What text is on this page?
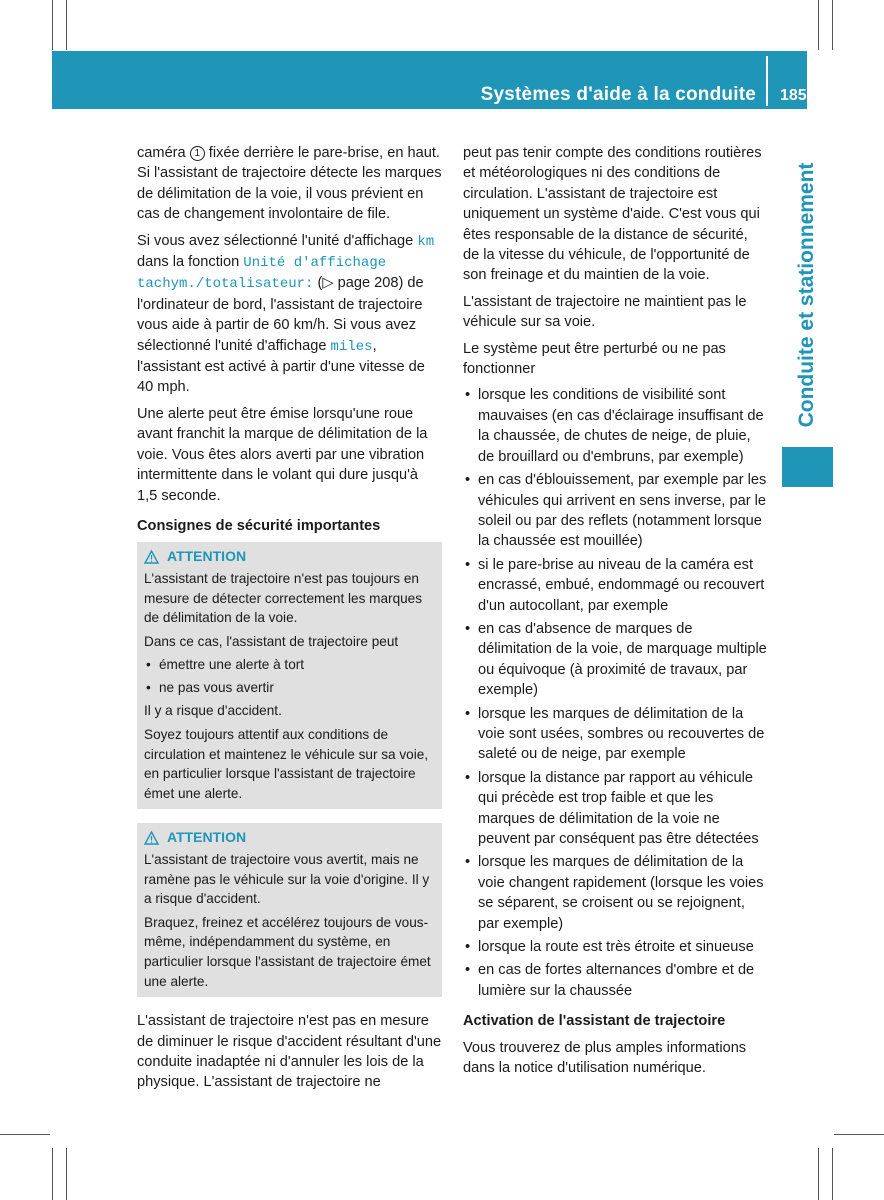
Systèmes d'aide à la conduite 185
Conduite et stationnement

caméra 1 fixée derrière le pare-brise, en haut. Si l'assistant de trajectoire détecte les marques de délimitation de la voie, il vous prévient en cas de changement involontaire de file.

Si vous avez sélectionné l'unité d'affichage km dans la fonction Unité d'affichage tachym./totalisateur: (▷ page 208) de l'ordinateur de bord, l'assistant de trajectoire vous aide à partir de 60 km/h. Si vous avez sélectionné l'unité d'affichage miles, l'assistant est activé à partir d'une vitesse de 40 mph.

Une alerte peut être émise lorsqu'une roue avant franchit la marque de délimitation de la voie. Vous êtes alors averti par une vibration intermittente dans le volant qui dure jusqu'à 1,5 seconde.

Consignes de sécurité importantes
ATTENTION

L'assistant de trajectoire n'est pas toujours en mesure de détecter correctement les marques de délimitation de la voie.

Dans ce cas, l'assistant de trajectoire peut

• émettre une alerte à tort
• ne pas vous avertir

Il y a risque d'accident.

Soyez toujours attentif aux conditions de circulation et maintenez le véhicule sur sa voie, en particulier lorsque l'assistant de trajectoire émet une alerte.

ATTENTION

L'assistant de trajectoire vous avertit, mais ne ramène pas le véhicule sur la voie d'origine. Il y a risque d'accident.

Braquez, freinez et accélérez toujours de vous-même, indépendamment du système, en particulier lorsque l'assistant de trajectoire émet une alerte.

L'assistant de trajectoire n'est pas en mesure de diminuer le risque d'accident résultant d'une conduite inadaptée ni d'annuler les lois de la physique. L'assistant de trajectoire ne

peut pas tenir compte des conditions routières et météorologiques ni des conditions de circulation. L'assistant de trajectoire est uniquement un système d'aide. C'est vous qui êtes responsable de la distance de sécurité, de la vitesse du véhicule, de l'opportunité de son freinage et du maintien de la voie.

L'assistant de trajectoire ne maintient pas le véhicule sur sa voie.

Le système peut être perturbé ou ne pas fonctionner

• lorsque les conditions de visibilité sont mauvaises (en cas d'éclairage insuffisant de la chaussée, de chutes de neige, de pluie, de brouillard ou d'embruns, par exemple)
• en cas d'éblouissement, par exemple par les véhicules qui arrivent en sens inverse, par le soleil ou par des reflets (notamment lorsque la chaussée est mouillée)
• si le pare-brise au niveau de la caméra est encrassé, embué, endommagé ou recouvert d'un autocollant, par exemple
• en cas d'absence de marques de délimitation de la voie, de marquage multiple ou équivoque (à proximité de travaux, par exemple)
• lorsque les marques de délimitation de la voie sont usées, sombres ou recouvertes de saleté ou de neige, par exemple
• lorsque la distance par rapport au véhicule qui précède est trop faible et que les marques de délimitation de la voie ne peuvent par conséquent pas être détectées
• lorsque les marques de délimitation de la voie changent rapidement (lorsque les voies se séparent, se croisent ou se rejoignent, par exemple)
• lorsque la route est très étroite et sinueuse
• en cas de fortes alternances d'ombre et de lumière sur la chaussée
Activation de l'assistant de trajectoire

Vous trouverez de plus amples informations dans la notice d'utilisation numérique.
